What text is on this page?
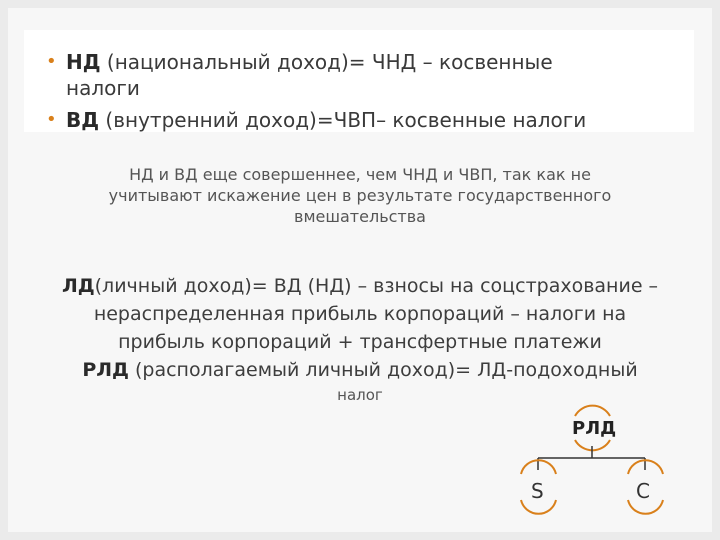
• НД (национальный доход)= ЧНД – косвенные
налоги
• ВД (внутренний доход)=ЧВП– косвенные налоги
НД и ВД еще совершеннее, чем ЧНД и ЧВП, так как не
учитывают искажение цен в результате государственного
вмешательства
ЛД(личный доход)= ВД (НД) – взносы на соцстрахование –
нераспределенная прибыль корпораций – налоги на
прибыль корпораций + трансфертные платежи
РЛД (располагаемый личный доход)= ЛД-подоходный
налог
РЛД
S	C
